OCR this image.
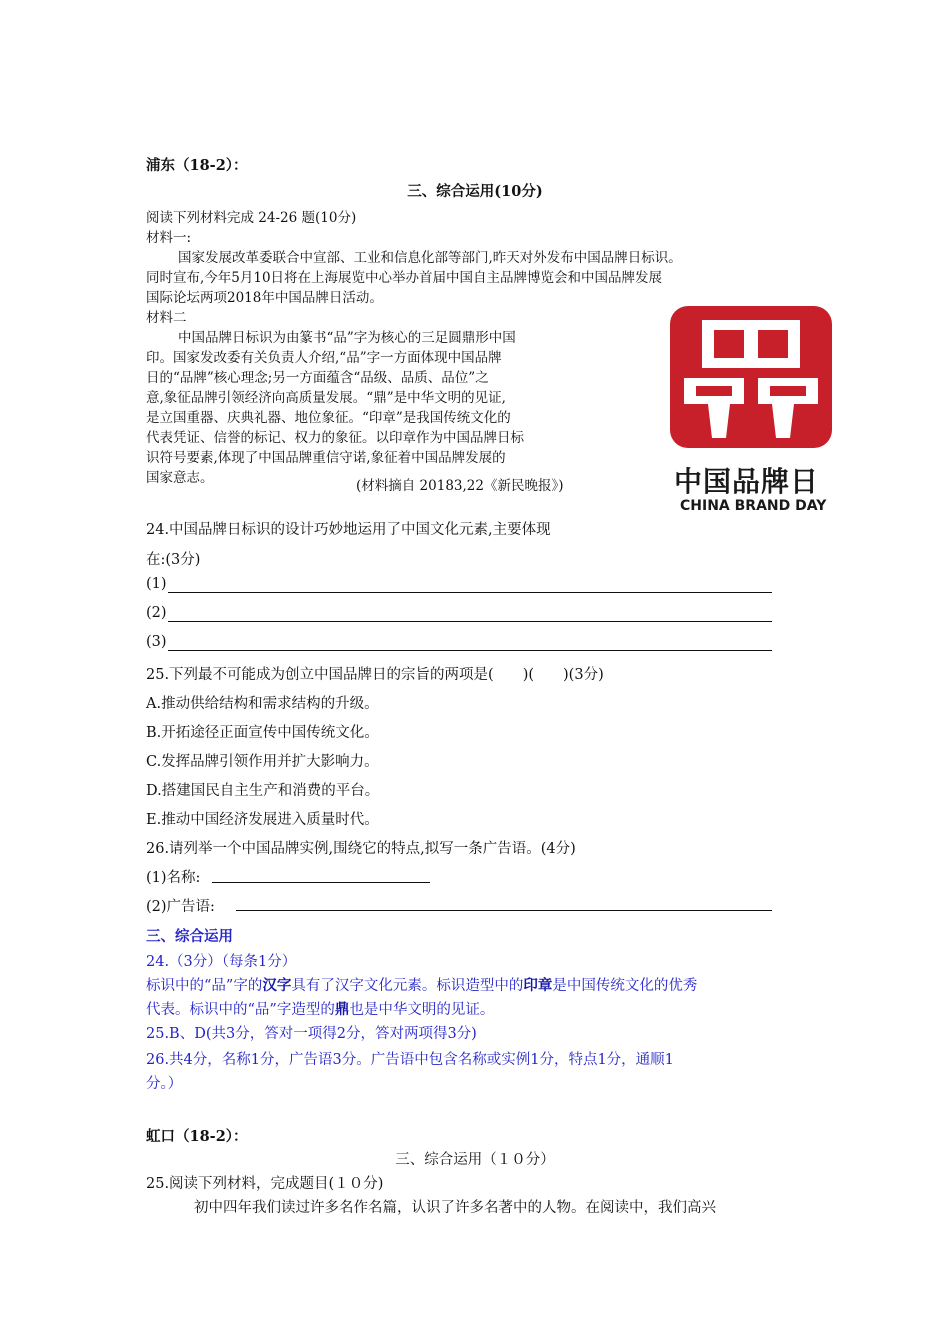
浦东（18-2）：
三、综合运用(10分)
阅读下列材料完成 24-26 题(10分)
材料一:
国家发展改革委联合中宣部、工业和信息化部等部门,昨天对外发布中国品牌日标识。
同时宣布,今年5月10日将在上海展览中心举办首届中国自主品牌博览会和中国品牌发展
国际论坛两项2018年中国品牌日活动。
材料二
中国品牌日标识为由篆书“品”字为核心的三足圆鼎形中国
印。国家发改委有关负责人介绍,“品”字一方面体现中国品牌
日的“品牌”核心理念;另一方面蕴含“品级、品质、品位”之
意,象征品牌引领经济向高质量发展。“鼎”是中华文明的见证,
是立国重器、庆典礼器、地位象征。“印章”是我国传统文化的
代表凭证、信誉的标记、权力的象征。以印章作为中国品牌日标
识符号要素,体现了中国品牌重信守诺,象征着中国品牌发展的
国家意志。	(材料摘自 20183,22《新民晚报》)	中国品牌日
CHINA BRAND DAY
24.中国品牌日标识的设计巧妙地运用了中国文化元素,主要体现
在:(3分)
(1)
(2)
(3)
25.下列最不可能成为创立中国品牌日的宗旨的两项是(　　)(　　)(3分)
A.推动供给结构和需求结构的升级。
B.开拓途径正面宣传中国传统文化。
C.发挥品牌引领作用并扩大影响力。
D.搭建国民自主生产和消费的平台。
E.推动中国经济发展进入质量时代。
26.请列举一个中国品牌实例,围绕它的特点,拟写一条广告语。(4分)
(1)名称:
(2)广告语:
三、综合运用
24.（3分）（每条1分）
标识中的“品”字的汉字具有了汉字文化元素。标识造型中的印章是中国传统文化的优秀
代表。标识中的“品”字造型的鼎也是中华文明的见证。
25.B、D(共3分，答对一项得2分，答对两项得3分)
26.共4分，名称1分，广告语3分。广告语中包含名称或实例1分，特点1分，通顺1
分。）
虹口（18-2）：
三、综合运用（１０分）
25.阅读下列材料，完成题目(１０分)
初中四年我们读过许多名作名篇，认识了许多名著中的人物。在阅读中，我们高兴
